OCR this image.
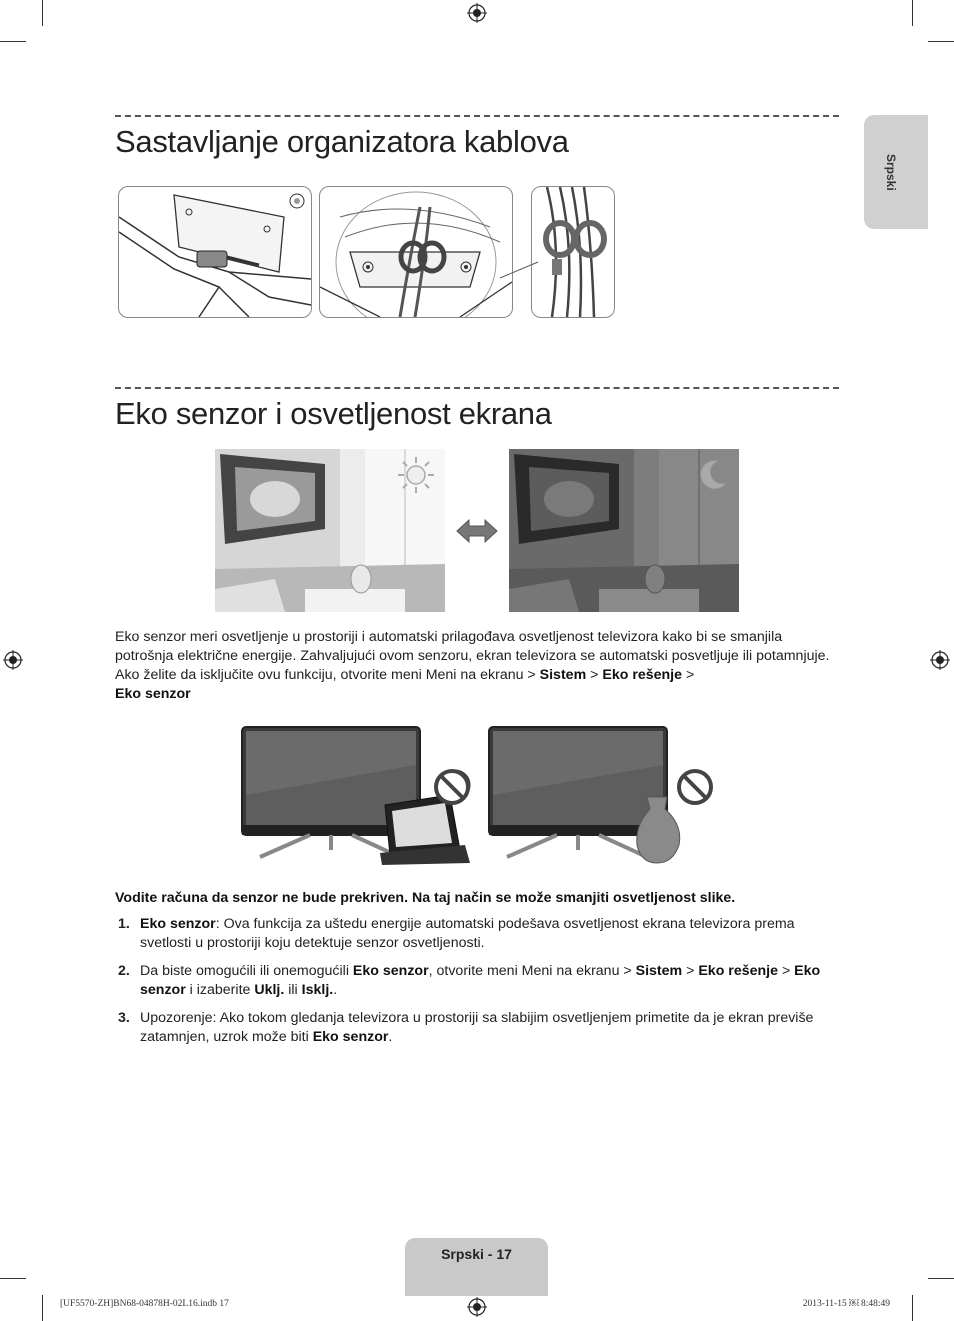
Srpski
Sastavljanje organizatora kablova
Eko senzor i osvetljenost ekrana

Eko senzor meri osvetljenje u prostoriji i automatski prilagođava osvetljenost televizora kako bi se smanjila potrošnja električne energije. Zahvaljujući ovom senzoru, ekran televizora se automatski posvetljuje ili potamnjuje. Ako želite da isključite ovu funkciju, otvorite meni Meni na ekranu > Sistem > Eko rešenje >
Eko senzor

Vodite računa da senzor ne bude prekriven. Na taj način se može smanjiti osvetljenost slike.

1. Eko senzor: Ova funkcija za uštedu energije automatski podešava osvetljenost ekrana televizora prema svetlosti u prostoriji koju detektuje senzor osvetljenosti.
2. Da biste omogućili ili onemogućili Eko senzor, otvorite meni Meni na ekranu > Sistem > Eko rešenje > Eko senzor i izaberite Uklj. ili Isklj..
3. Upozorenje: Ako tokom gledanja televizora u prostoriji sa slabijim osvetljenjem primetite da je ekran previše zatamnjen, uzrok može biti Eko senzor.
Srpski - 17
[UF5570-ZH]BN68-04878H-02L16.indb 17	2013-11-15 ￼ 8:48:49
